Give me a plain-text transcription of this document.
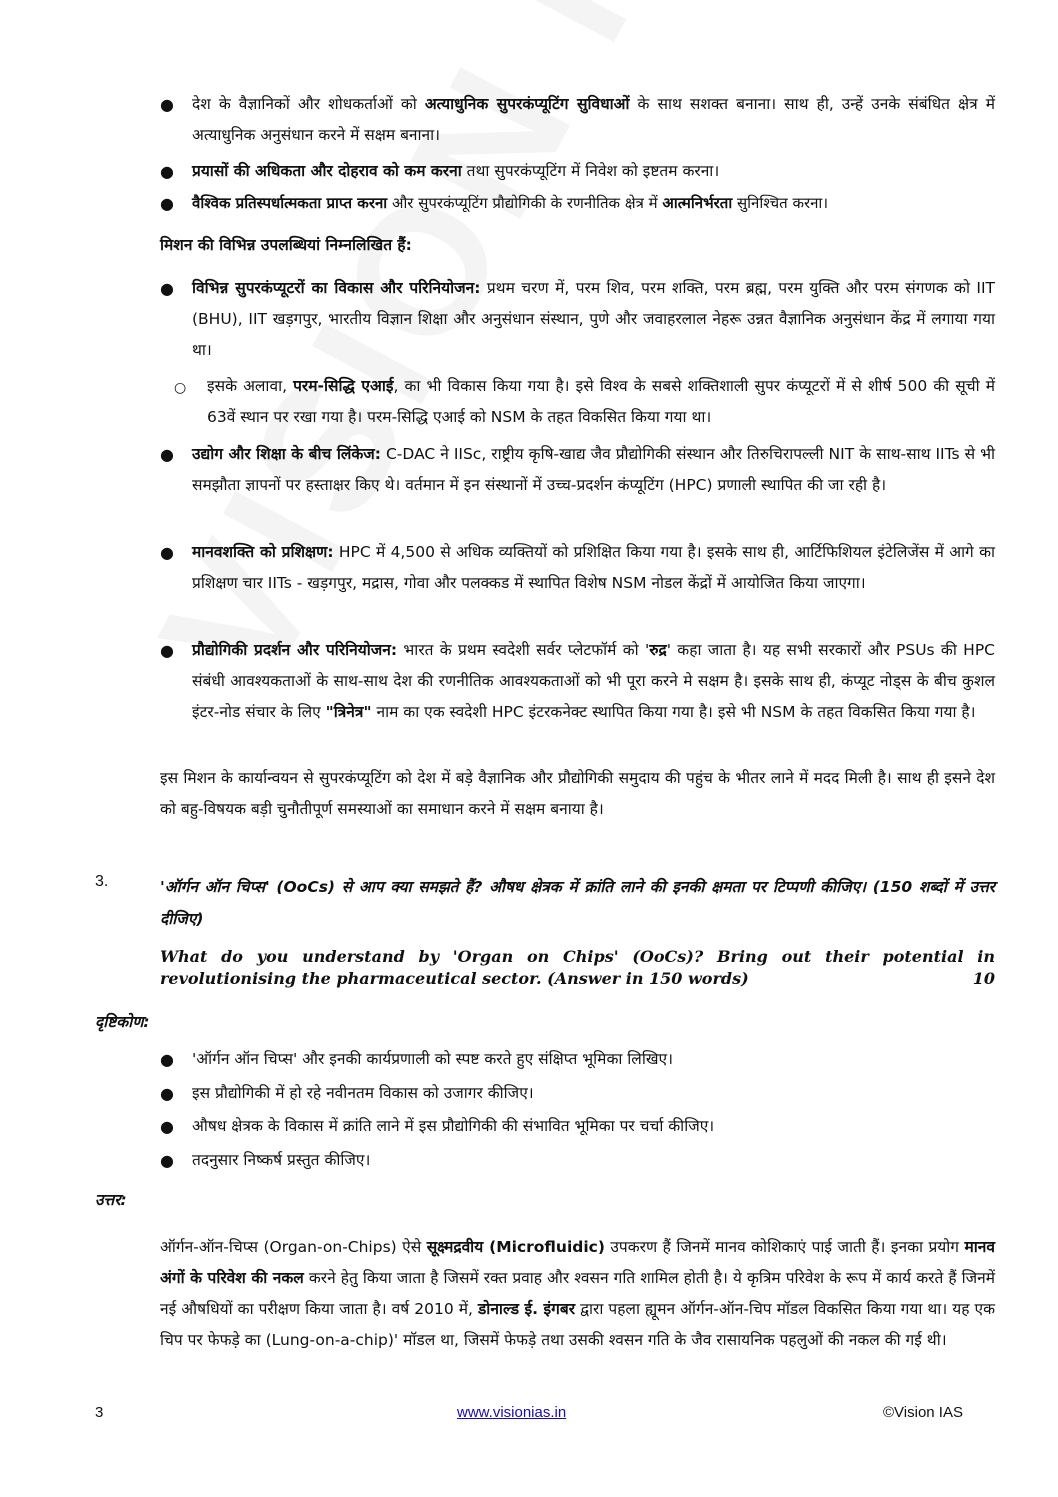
● देश के वैज्ञानिकों और शोधकर्ताओं को अत्याधुनिक सुपरकंप्यूटिंग सुविधाओं के साथ सशक्त बनाना। साथ ही, उन्हें उनके संबंधित क्षेत्र में अत्याधुनिक अनुसंधान करने में सक्षम बनाना।
● प्रयासों की अधिकता और दोहराव को कम करना तथा सुपरकंप्यूटिंग में निवेश को इष्टतम करना।
● वैश्विक प्रतिस्पर्धात्मकता प्राप्त करना और सुपरकंप्यूटिंग प्रौद्योगिकी के रणनीतिक क्षेत्र में आत्मनिर्भरता सुनिश्चित करना।
मिशन की विभिन्न उपलब्धियां निम्नलिखित हैं:
● विभिन्न सुपरकंप्यूटरों का विकास और परिनियोजन: प्रथम चरण में, परम शिव, परम शक्ति, परम ब्रह्म, परम युक्ति और परम संगणक को IIT (BHU), IIT खड़गपुर, भारतीय विज्ञान शिक्षा और अनुसंधान संस्थान, पुणे और जवाहरलाल नेहरू उन्नत वैज्ञानिक अनुसंधान केंद्र में लगाया गया था।
○ इसके अलावा, परम-सिद्धि एआई, का भी विकास किया गया है। इसे विश्व के सबसे शक्तिशाली सुपर कंप्यूटरों में से शीर्ष 500 की सूची में 63वें स्थान पर रखा गया है। परम-सिद्धि एआई को NSM के तहत विकसित किया गया था।
● उद्योग और शिक्षा के बीच लिंकेज: C-DAC ने IISc, राष्ट्रीय कृषि-खाद्य जैव प्रौद्योगिकी संस्थान और तिरुचिरापल्ली NIT के साथ-साथ IITs से भी समझौता ज्ञापनों पर हस्ताक्षर किए थे। वर्तमान में इन संस्थानों में उच्च-प्रदर्शन कंप्यूटिंग (HPC) प्रणाली स्थापित की जा रही है।
● मानवशक्ति को प्रशिक्षण: HPC में 4,500 से अधिक व्यक्तियों को प्रशिक्षित किया गया है। इसके साथ ही, आर्टिफिशियल इंटेलिजेंस में आगे का प्रशिक्षण चार IITs - खड़गपुर, मद्रास, गोवा और पलक्कड में स्थापित विशेष NSM नोडल केंद्रों में आयोजित किया जाएगा।
● प्रौद्योगिकी प्रदर्शन और परिनियोजन: भारत के प्रथम स्वदेशी सर्वर प्लेटफॉर्म को 'रुद्र' कहा जाता है। यह सभी सरकारों और PSUs की HPC संबंधी आवश्यकताओं के साथ-साथ देश की रणनीतिक आवश्यकताओं को भी पूरा करने मे सक्षम है। इसके साथ ही, कंप्यूट नोड्स के बीच कुशल इंटर-नोड संचार के लिए "त्रिनेत्र" नाम का एक स्वदेशी HPC इंटरकनेक्ट स्थापित किया गया है। इसे भी NSM के तहत विकसित किया गया है।
इस मिशन के कार्यान्वयन से सुपरकंप्यूटिंग को देश में बड़े वैज्ञानिक और प्रौद्योगिकी समुदाय की पहुंच के भीतर लाने में मदद मिली है। साथ ही इसने देश को बहु-विषयक बड़ी चुनौतीपूर्ण समस्याओं का समाधान करने में सक्षम बनाया है।
3.	'ऑर्गन ऑन चिप्स' (OoCs) से आप क्या समझते हैं? औषध क्षेत्रक में क्रांति लाने की इनकी क्षमता पर टिप्पणी कीजिए। (150 शब्दों में उत्तर दीजिए)
What do you understand by 'Organ on Chips' (OoCs)? Bring out their potential in
revolutionising the pharmaceutical sector. (Answer in 150 words)	10
दृष्टिकोण:
● 'ऑर्गन ऑन चिप्स' और इनकी कार्यप्रणाली को स्पष्ट करते हुए संक्षिप्त भूमिका लिखिए।
● इस प्रौद्योगिकी में हो रहे नवीनतम विकास को उजागर कीजिए।
● औषध क्षेत्रक के विकास में क्रांति लाने में इस प्रौद्योगिकी की संभावित भूमिका पर चर्चा कीजिए।
● तदनुसार निष्कर्ष प्रस्तुत कीजिए।
उत्तर:
ऑर्गन-ऑन-चिप्स (Organ-on-Chips) ऐसे सूक्ष्मद्रवीय (Microfluidic) उपकरण हैं जिनमें मानव कोशिकाएं पाई जाती हैं। इनका प्रयोग मानव अंगों के परिवेश की नकल करने हेतु किया जाता है जिसमें रक्त प्रवाह और श्वसन गति शामिल होती है। ये कृत्रिम परिवेश के रूप में कार्य करते हैं जिनमें नई औषधियों का परीक्षण किया जाता है। वर्ष 2010 में, डोनाल्ड ई. इंगबर द्वारा पहला ह्यूमन ऑर्गन-ऑन-चिप मॉडल विकसित किया गया था। यह एक चिप पर फेफड़े का (Lung-on-a-chip)' मॉडल था, जिसमें फेफड़े तथा उसकी श्वसन गति के जैव रासायनिक पहलुओं की नकल की गई थी।
3	www.visionias.in	©Vision IAS
